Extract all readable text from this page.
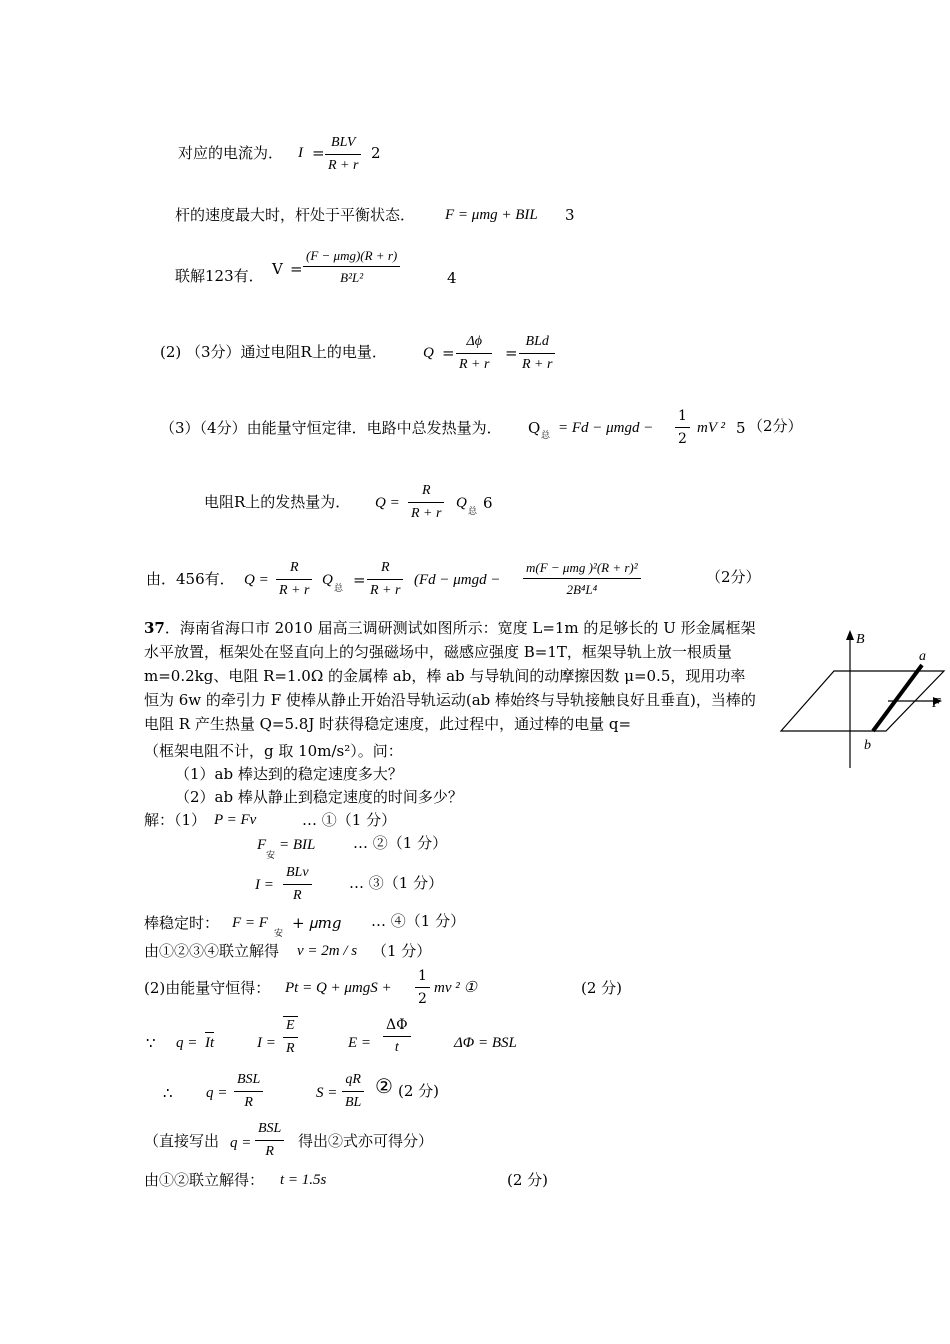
对应的电流为． I =
BLV
R + r
2
杆的速度最大时，杆处于平衡状态． F = μmg + BIL 3
联解123有． V =
(F − μmg)(R + r)
B²L²	4
(2) （3分）通过电阻R上的电量． Q =
Δϕ
R + r
=
BLd
R + r
（3）（4分）由能量守恒定律．电路中总发热量为． Q 总 = Fd − μmgd −
1
2
mV ² 5 （2分）
电阻R上的发热量为． Q =
R
R + r
Q
总 6
由．456有． Q =
R
R + r
Q
总 =
R
R + r
(Fd − μmgd −
m(F − μmg )²(R + r)²
2B⁴L⁴
（2分）
37．海南省海口市 2010 届高三调研测试如图所示：宽度 L=1m 的足够长的 U 形金属框架水平放置，框架处在竖直向上的匀强磁场中，磁感应强度 B=1T，框架导轨上放一根质量 m=0.2kg、电阻 R=1.0Ω 的金属棒 ab，棒 ab 与导轨间的动摩擦因数 μ=0.5，现用功率恒为 6w 的牵引力 F 使棒从静止开始沿导轨运动(ab 棒始终与导轨接触良好且垂直)，当棒的电阻 R 产生热量 Q=5.8J 时获得稳定速度，此过程中，通过棒的电量 q=
（框架电阻不计，g 取 10m/s²）。问：
（1）ab 棒达到的稳定速度多大？
（2）ab 棒从静止到稳定速度的时间多少？
B
a
b
F
解：（1） P = Fv	… ①（1 分）
F
安
= BIL	… ②（1 分）
I =
BLv
R
… ③（1 分）
棒稳定时： F = F
安
+ 𝜇𝑚𝑔 … ④（1 分）
由①②③④联立解得 v = 2m / s （1 分）
(2)由能量守恒得： Pt = Q + μmgS +
1
2
mv ² ①	(2 分)
∵ q = It	I =
E
R	E =
ΔΦ
t	ΔΦ = BSL
∴ q =
BSL
R
S =
qR
BL
② (2 分)
（直接写出 q =
BSL
R
得出②式亦可得分）
由①②联立解得： t = 1.5s	(2 分)
